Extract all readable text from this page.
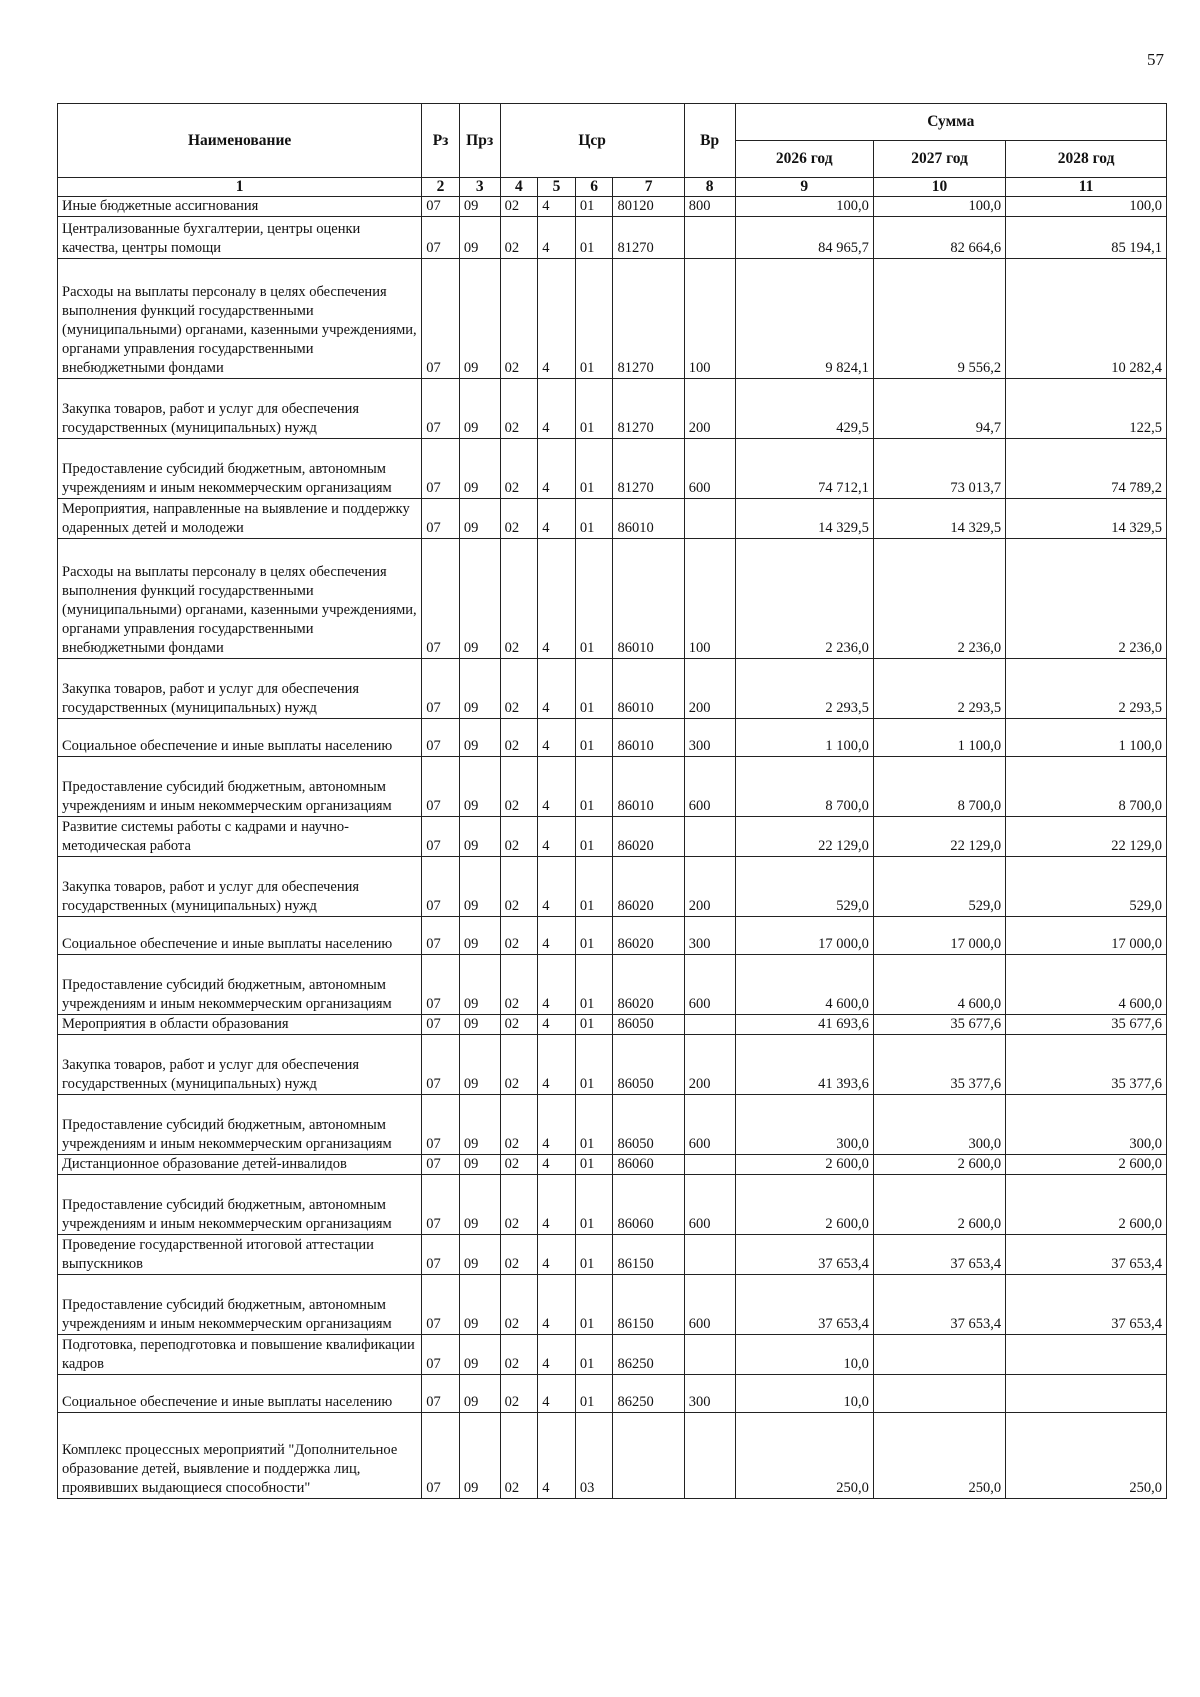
57
Наименование	Рз	Прз	Цср				Вр	Сумма		
								2026 год	2027 год	2028 год
1	2	3	4	5	6	7	8	9	10	11
Иные бюджетные ассигнования	07	09	02	4	01	80120	800	100,0	100,0	100,0
Централизованные бухгалтерии, центры оценки качества, центры помощи	07	09	02	4	01	81270		84 965,7	82 664,6	85 194,1
Расходы на выплаты персоналу в целях обеспечения выполнения функций государственными (муниципальными) органами, казенными учреждениями, органами управления государственными внебюджетными фондами	07	09	02	4	01	81270	100	9 824,1	9 556,2	10 282,4
Закупка товаров, работ и услуг для обеспечения государственных (муниципальных) нужд	07	09	02	4	01	81270	200	429,5	94,7	122,5
Предоставление субсидий бюджетным, автономным учреждениям и иным некоммерческим организациям	07	09	02	4	01	81270	600	74 712,1	73 013,7	74 789,2
Мероприятия, направленные на выявление и поддержку одаренных детей и молодежи	07	09	02	4	01	86010		14 329,5	14 329,5	14 329,5
Расходы на выплаты персоналу в целях обеспечения выполнения функций государственными (муниципальными) органами, казенными учреждениями, органами управления государственными внебюджетными фондами	07	09	02	4	01	86010	100	2 236,0	2 236,0	2 236,0
Закупка товаров, работ и услуг для обеспечения государственных (муниципальных) нужд	07	09	02	4	01	86010	200	2 293,5	2 293,5	2 293,5
Социальное обеспечение и иные выплаты населению	07	09	02	4	01	86010	300	1 100,0	1 100,0	1 100,0
Предоставление субсидий бюджетным, автономным учреждениям и иным некоммерческим организациям	07	09	02	4	01	86010	600	8 700,0	8 700,0	8 700,0
Развитие системы работы с кадрами и научно-методическая работа	07	09	02	4	01	86020		22 129,0	22 129,0	22 129,0
Закупка товаров, работ и услуг для обеспечения государственных (муниципальных) нужд	07	09	02	4	01	86020	200	529,0	529,0	529,0
Социальное обеспечение и иные выплаты населению	07	09	02	4	01	86020	300	17 000,0	17 000,0	17 000,0
Предоставление субсидий бюджетным, автономным учреждениям и иным некоммерческим организациям	07	09	02	4	01	86020	600	4 600,0	4 600,0	4 600,0
Мероприятия в области образования	07	09	02	4	01	86050		41 693,6	35 677,6	35 677,6
Закупка товаров, работ и услуг для обеспечения государственных (муниципальных) нужд	07	09	02	4	01	86050	200	41 393,6	35 377,6	35 377,6
Предоставление субсидий бюджетным, автономным учреждениям и иным некоммерческим организациям	07	09	02	4	01	86050	600	300,0	300,0	300,0
Дистанционное образование детей-инвалидов	07	09	02	4	01	86060		2 600,0	2 600,0	2 600,0
Предоставление субсидий бюджетным, автономным учреждениям и иным некоммерческим организациям	07	09	02	4	01	86060	600	2 600,0	2 600,0	2 600,0
Проведение государственной итоговой аттестации выпускников	07	09	02	4	01	86150		37 653,4	37 653,4	37 653,4
Предоставление субсидий бюджетным, автономным учреждениям и иным некоммерческим организациям	07	09	02	4	01	86150	600	37 653,4	37 653,4	37 653,4
Подготовка, переподготовка и повышение квалификации кадров	07	09	02	4	01	86250		10,0		
Социальное обеспечение и иные выплаты населению	07	09	02	4	01	86250	300	10,0		
Комплекс процессных мероприятий "Дополнительное образование детей, выявление и поддержка лиц, проявивших выдающиеся способности"	07	09	02	4	03			250,0	250,0	250,0
